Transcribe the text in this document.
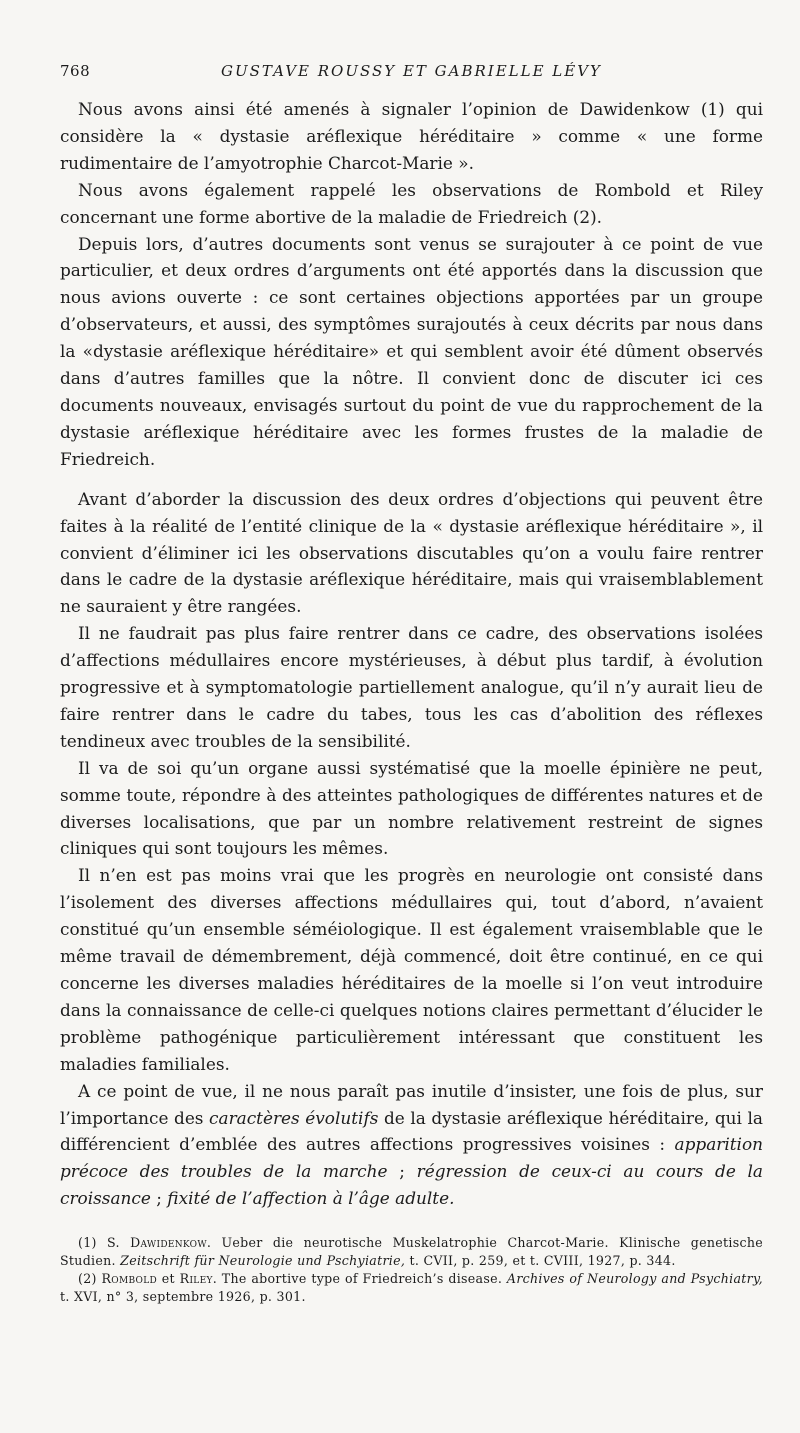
768	GUSTAVE ROUSSY ET GABRIELLE LÉVY

Nous avons ainsi été amenés à signaler l’opinion de Dawidenkow (1) qui considère la « dystasie aréflexique héréditaire » comme « une forme rudimentaire de l’amyotrophie Charcot-Marie ».

Nous avons également rappelé les observations de Rombold et Riley concernant une forme abortive de la maladie de Friedreich (2).

Depuis lors, d’autres documents sont venus se surajouter à ce point de vue particulier, et deux ordres d’arguments ont été apportés dans la discussion que nous avions ouverte : ce sont certaines objections apportées par un groupe d’observateurs, et aussi, des symptômes surajoutés à ceux décrits par nous dans la «dystasie aréflexique héréditaire» et qui semblent avoir été dûment observés dans d’autres familles que la nôtre. Il convient donc de discuter ici ces documents nouveaux, envisagés surtout du point de vue du rapprochement de la dystasie aréflexique héréditaire avec les formes frustes de la maladie de Friedreich.

Avant d’aborder la discussion des deux ordres d’objections qui peuvent être faites à la réalité de l’entité clinique de la « dystasie aréflexique héréditaire », il convient d’éliminer ici les observations discutables qu’on a voulu faire rentrer dans le cadre de la dystasie aréflexique héréditaire, mais qui vraisemblablement ne sauraient y être rangées.

Il ne faudrait pas plus faire rentrer dans ce cadre, des observations isolées d’affections médullaires encore mystérieuses, à début plus tardif, à évolution progressive et à symptomatologie partiellement analogue, qu’il n’y aurait lieu de faire rentrer dans le cadre du tabes, tous les cas d’abolition des réflexes tendineux avec troubles de la sensibilité.

Il va de soi qu’un organe aussi systématisé que la moelle épinière ne peut, somme toute, répondre à des atteintes pathologiques de différentes natures et de diverses localisations, que par un nombre relativement restreint de signes cliniques qui sont toujours les mêmes.

Il n’en est pas moins vrai que les progrès en neurologie ont consisté dans l’isolement des diverses affections médullaires qui, tout d’abord, n’avaient constitué qu’un ensemble séméiologique. Il est également vraisemblable que le même travail de démembrement, déjà commencé, doit être continué, en ce qui concerne les diverses maladies héréditaires de la moelle si l’on veut introduire dans la connaissance de celle-ci quelques notions claires permettant d’élucider le problème pathogénique particulièrement intéressant que constituent les maladies familiales.

A ce point de vue, il ne nous paraît pas inutile d’insister, une fois de plus, sur l’importance des caractères évolutifs de la dystasie aréflexique héréditaire, qui la différencient d’emblée des autres affections progressives voisines : apparition précoce des troubles de la marche ; régression de ceux-ci au cours de la croissance ; fixité de l’affection à l’âge adulte.

(1) S. Dawidenkow. Ueber die neurotische Muskelatrophie Charcot-Marie. Klinische genetische Studien. Zeitschrift für Neurologie und Pschyiatrie, t. CVII, p. 259, et t. CVIII, 1927, p. 344.

(2) Rombold et Riley. The abortive type of Friedreich’s disease. Archives of Neurology and Psychiatry, t. XVI, n° 3, septembre 1926, p. 301.
